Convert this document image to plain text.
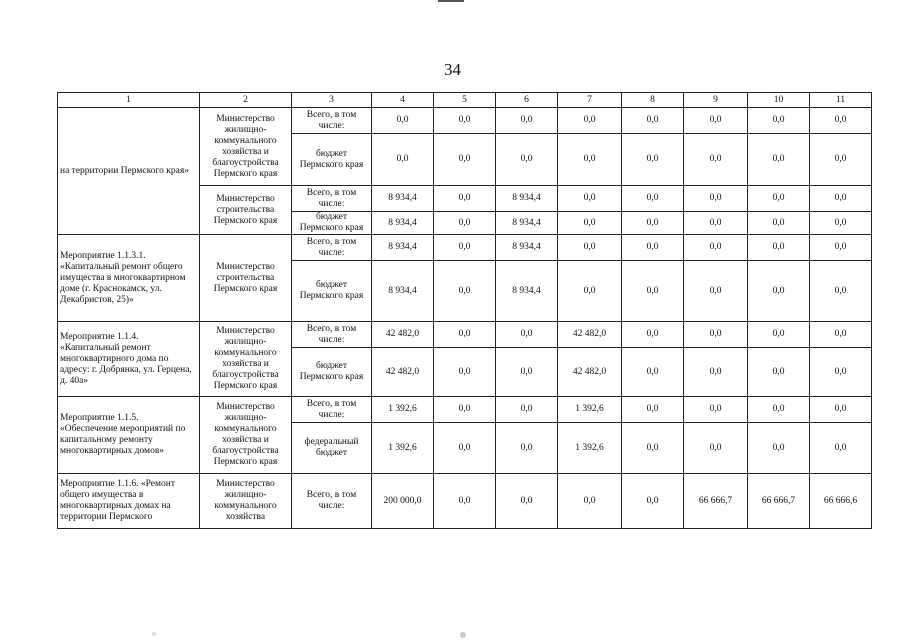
34
1	2	3	4	5	6	7	8	9	10	11
на территории Пермского края»	Министерство жилищно-коммунального хозяйства и благоустройства Пермского края	Всего, в том числе:	0,0	0,0	0,0	0,0	0,0	0,0	0,0	0,0
		бюджет Пермского края	0,0	0,0	0,0	0,0	0,0	0,0	0,0	0,0
	Министерство строительства Пермского края	Всего, в том числе:	8 934,4	0,0	8 934,4	0,0	0,0	0,0	0,0	0,0
		бюджет Пермского края	8 934,4	0,0	8 934,4	0,0	0,0	0,0	0,0	0,0
Мероприятие 1.1.3.1. «Капитальный ремонт общего имущества в многоквартирном доме (г. Краснокамск, ул. Декабристов, 25)»	Министерство строительства Пермского края	Всего, в том числе:	8 934,4	0,0	8 934,4	0,0	0,0	0,0	0,0	0,0
		бюджет Пермского края	8 934,4	0,0	8 934,4	0,0	0,0	0,0	0,0	0,0
Мероприятие 1.1.4. «Капитальный ремонт многоквартирного дома по адресу: г. Добрянка, ул. Герцена, д. 40а»	Министерство жилищно-коммунального хозяйства и благоустройства Пермского края	Всего, в том числе:	42 482,0	0,0	0,0	42 482,0	0,0	0,0	0,0	0,0
		бюджет Пермского края	42 482,0	0,0	0,0	42 482,0	0,0	0,0	0,0	0,0
Мероприятие 1.1.5. «Обеспечение мероприятий по капитальному ремонту многоквартирных домов»	Министерство жилищно-коммунального хозяйства и благоустройства Пермского края	Всего, в том числе:	1 392,6	0,0	0,0	1 392,6	0,0	0,0	0,0	0,0
		федеральный бюджет	1 392,6	0,0	0,0	1 392,6	0,0	0,0	0,0	0,0
Мероприятие 1.1.6. «Ремонт общего имущества в многоквартирных домах на территории Пермского	Министерство жилищно-коммунального хозяйства	Всего, в том числе:	200 000,0	0,0	0,0	0,0	0,0	66 666,7	66 666,7	66 666,6
